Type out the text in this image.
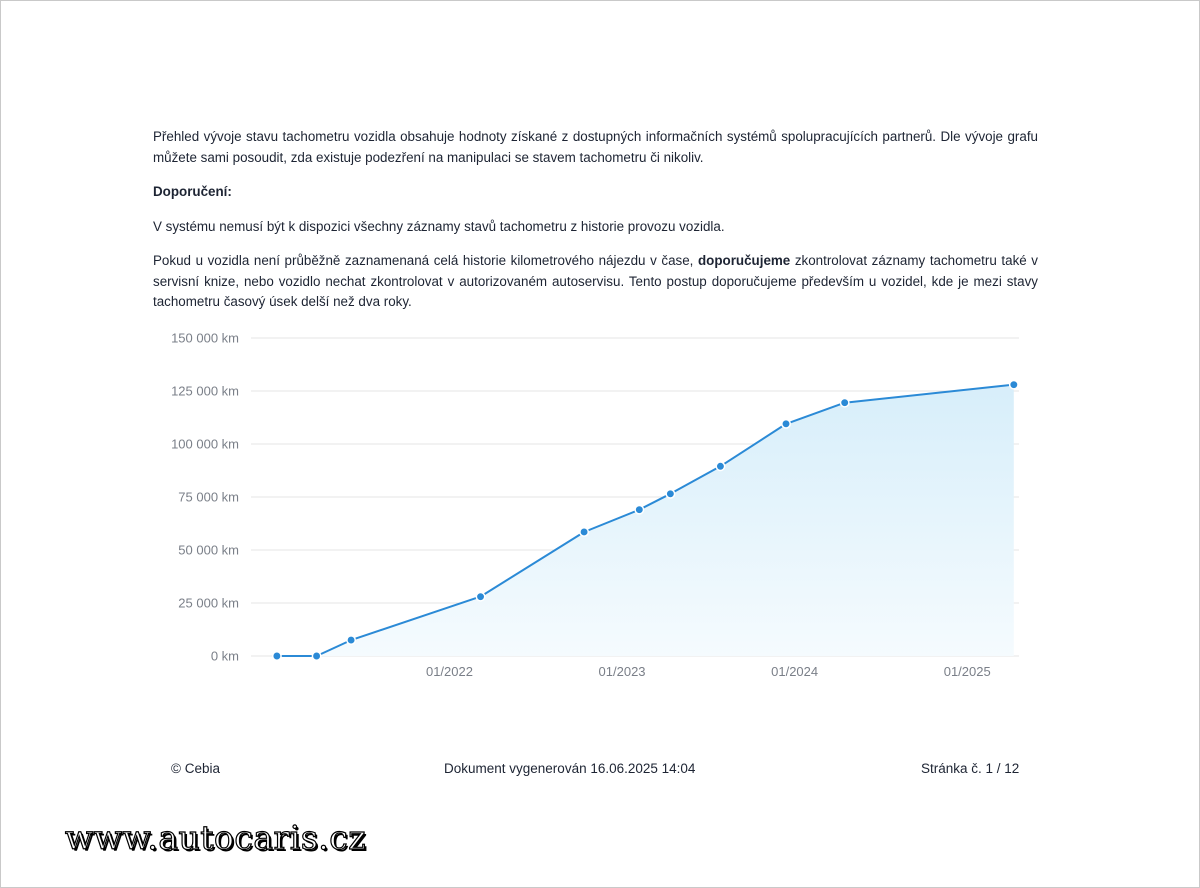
Přehled vývoje stavu tachometru vozidla obsahuje hodnoty získané z dostupných informačních systémů spolupracujících partnerů. Dle vývoje grafu můžete sami posoudit, zda existuje podezření na manipulaci se stavem tachometru či nikoliv.

Doporučení:

V systému nemusí být k dispozici všechny záznamy stavů tachometru z historie provozu vozidla.

Pokud u vozidla není průběžně zaznamenaná celá historie kilometrového nájezdu v čase, doporučujeme zkontrolovat záznamy tachometru také v servisní knize, nebo vozidlo nechat zkontrolovat v autorizovaném autoservisu. Tento postup doporučujeme především u vozidel, kde je mezi stavy tachometru časový úsek delší než dva roky.

0 km
25 000 km
50 000 km
75 000 km
100 000 km
125 000 km
150 000 km
01/2022	01/2023	01/2024	01/2025
© Cebia	Dokument vygenerován 16.06.2025 14:04	Stránka č. 1 / 12
www.autocaris.cz
